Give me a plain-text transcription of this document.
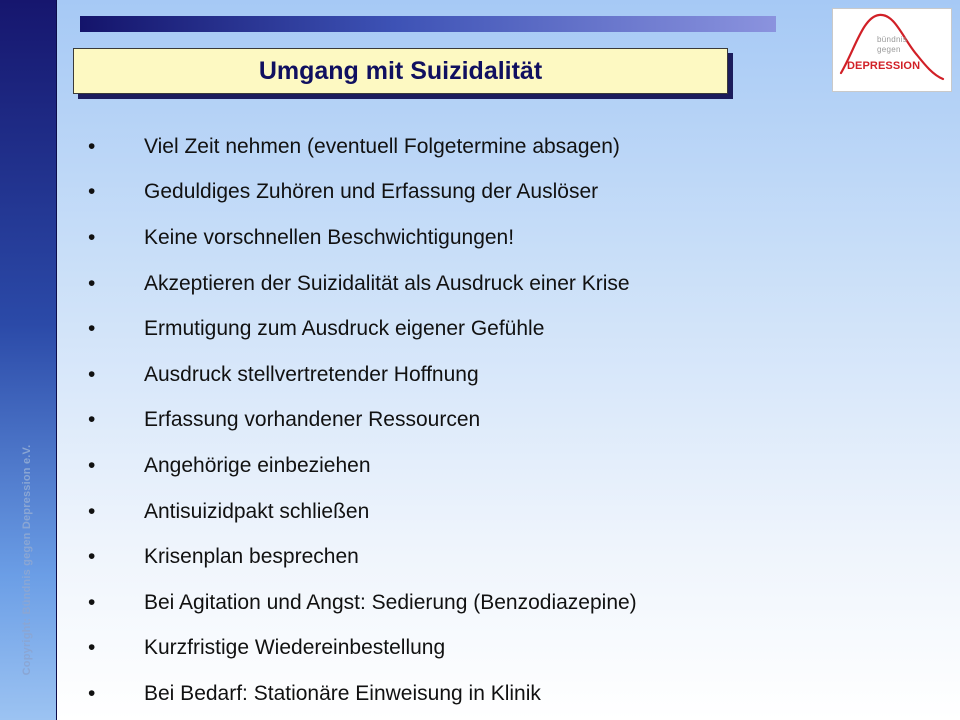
Copyright: Bündnis gegen Depression e.V.
Umgang mit Suizidalität
bündnis
gegen
DEPRESSION
•	Viel Zeit nehmen (eventuell Folgetermine absagen)
•	Geduldiges Zuhören und Erfassung der Auslöser
•	Keine vorschnellen Beschwichtigungen!
•	Akzeptieren der Suizidalität als Ausdruck einer Krise
•	Ermutigung zum Ausdruck eigener Gefühle
•	Ausdruck stellvertretender Hoffnung
•	Erfassung vorhandener Ressourcen
•	Angehörige einbeziehen
•	Antisuizidpakt schließen
•	Krisenplan besprechen
•	Bei Agitation und Angst: Sedierung (Benzodiazepine)
•	Kurzfristige Wiedereinbestellung
•	Bei Bedarf: Stationäre Einweisung in Klinik
